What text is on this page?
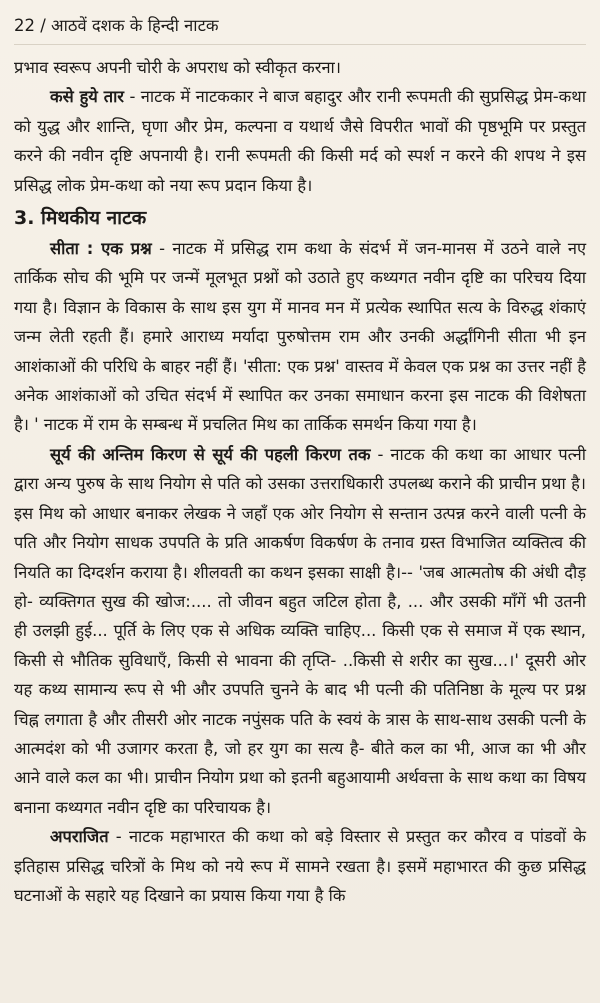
22 / आठवें दशक के हिन्दी नाटक

प्रभाव स्वरूप अपनी चोरी के अपराध को स्वीकृत करना।

कसे हुये तार - नाटक में नाटककार ने बाज बहादुर और रानी रूपमती की सुप्रसिद्ध प्रेम-कथा को युद्ध और शान्ति, घृणा और प्रेम, कल्पना व यथार्थ जैसे विपरीत भावों की पृष्ठभूमि पर प्रस्तुत करने की नवीन दृष्टि अपनायी है। रानी रूपमती की किसी मर्द को स्पर्श न करने की शपथ ने इस प्रसिद्ध लोक प्रेम-कथा को नया रूप प्रदान किया है।

3. मिथकीय नाटक

सीता : एक प्रश्न - नाटक में प्रसिद्ध राम कथा के संदर्भ में जन-मानस में उठने वाले नए तार्किक सोच की भूमि पर जन्में मूलभूत प्रश्नों को उठाते हुए कथ्यगत नवीन दृष्टि का परिचय दिया गया है। विज्ञान के विकास के साथ इस युग में मानव मन में प्रत्येक स्थापित सत्य के विरुद्ध शंकाएं जन्म लेती रहती हैं। हमारे आराध्य मर्यादा पुरुषोत्तम राम और उनकी अर्द्धांगिनी सीता भी इन आशंकाओं की परिधि के बाहर नहीं हैं। 'सीता: एक प्रश्न' वास्तव में केवल एक प्रश्न का उत्तर नहीं है अनेक आशंकाओं को उचित संदर्भ में स्थापित कर उनका समाधान करना इस नाटक की विशेषता है। ' नाटक में राम के सम्बन्ध में प्रचलित मिथ का तार्किक समर्थन किया गया है।

सूर्य की अन्तिम किरण से सूर्य की पहली किरण तक - नाटक की कथा का आधार पत्नी द्वारा अन्य पुरुष के साथ नियोग से पति को उसका उत्तराधिकारी उपलब्ध कराने की प्राचीन प्रथा है। इस मिथ को आधार बनाकर लेखक ने जहाँ एक ओर नियोग से सन्तान उत्पन्न करने वाली पत्नी के पति और नियोग साधक उपपति के प्रति आकर्षण विकर्षण के तनाव ग्रस्त विभाजित व्यक्तित्व की नियति का दिग्दर्शन कराया है। शीलवती का कथन इसका साक्षी है।-- 'जब आत्मतोष की अंधी दौड़ हो- व्यक्तिगत सुख की खोज:.... तो जीवन बहुत जटिल होता है, ... और उसकी माँगें भी उतनी ही उलझी हुई... पूर्ति के लिए एक से अधिक व्यक्ति चाहिए... किसी एक से समाज में एक स्थान, किसी से भौतिक सुविधाएँ, किसी से भावना की तृप्ति- ..किसी से शरीर का सुख...।' दूसरी ओर यह कथ्य सामान्य रूप से भी और उपपति चुनने के बाद भी पत्नी की पतिनिष्ठा के मूल्य पर प्रश्न चिह्न लगाता है और तीसरी ओर नाटक नपुंसक पति के स्वयं के त्रास के साथ-साथ उसकी पत्नी के आत्मदंश को भी उजागर करता है, जो हर युग का सत्य है- बीते कल का भी, आज का भी और आने वाले कल का भी। प्राचीन नियोग प्रथा को इतनी बहुआयामी अर्थवत्ता के साथ कथा का विषय बनाना कथ्यगत नवीन दृष्टि का परिचायक है।

अपराजित - नाटक महाभारत की कथा को बड़े विस्तार से प्रस्तुत कर कौरव व पांडवों के इतिहास प्रसिद्ध चरित्रों के मिथ को नये रूप में सामने रखता है। इसमें महाभारत की कुछ प्रसिद्ध घटनाओं के सहारे यह दिखाने का प्रयास किया गया है कि
